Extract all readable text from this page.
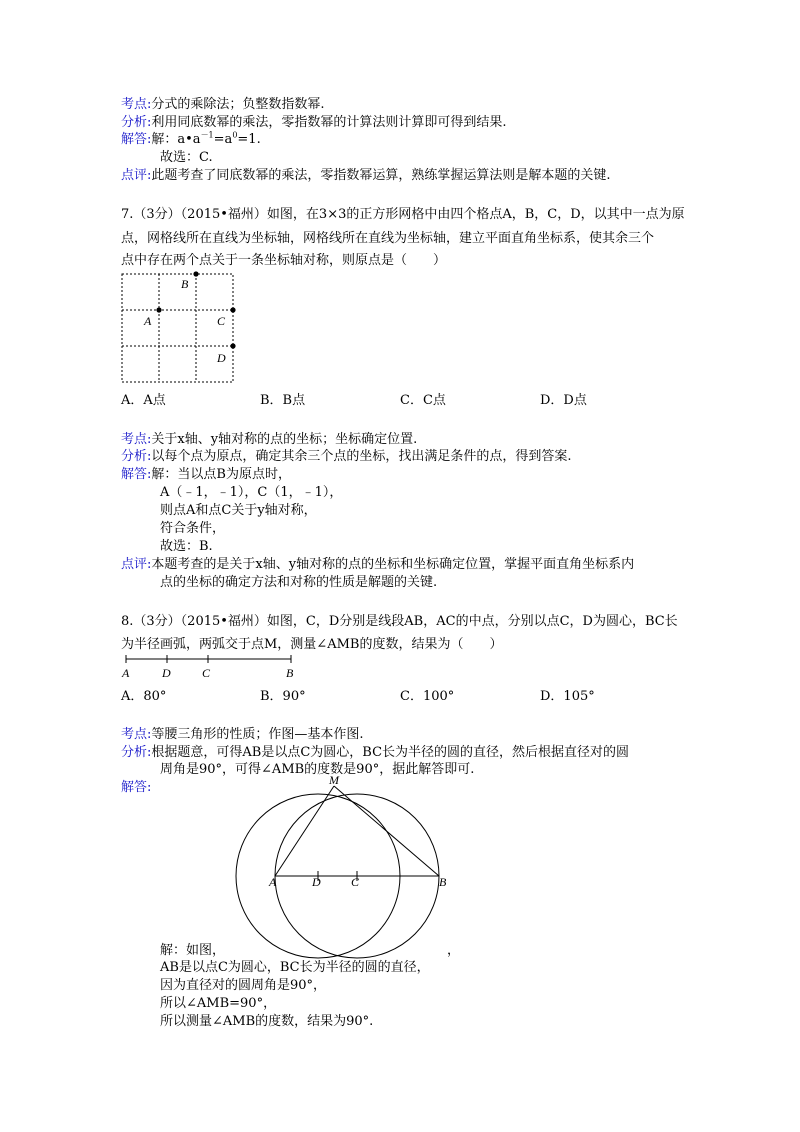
考点:分式的乘除法；负整数指数幂.
分析:利用同底数幂的乘法，零指数幂的计算法则计算即可得到结果.
解答:解：$a•a^{-1}=a^0=1$.
故选：C.
点评:此题考查了同底数幂的乘法，零指数幂运算，熟练掌握运算法则是解本题的关键.
7.（3分）（2015•福州）如图，在3×3的正方形网格中由四个格点A，B，C，D，以其中一点为原
点，网格线所在直线为坐标轴，网格线所在直线为坐标轴，建立平面直角坐标系，使其余三个
点中存在两个点关于一条坐标轴对称，则原点是（　　）
B
A	C
D
A．A点	B．B点	C．C点	D．D点
考点:关于x轴、y轴对称的点的坐标；坐标确定位置.
分析:以每个点为原点，确定其余三个点的坐标，找出满足条件的点，得到答案.
解答:解：当以点B为原点时，
A（﹣1，﹣1），C（1，﹣1），
则点A和点C关于y轴对称，
符合条件，
故选：B.
点评:本题考查的是关于x轴、y轴对称的点的坐标和坐标确定位置，掌握平面直角坐标系内
点的坐标的确定方法和对称的性质是解题的关键.
8.（3分）（2015•福州）如图，C，D分别是线段AB，AC的中点，分别以点C，D为圆心，BC长
为半径画弧，两弧交于点M，测量∠AMB的度数，结果为（　　）
A	D	C	B
A．80°	B．90°	C．100°	D．105°
考点:等腰三角形的性质；作图—基本作图.
分析:根据题意，可得AB是以点C为圆心，BC长为半径的圆的直径，然后根据直径对的圆
周角是90°，可得∠AMB的度数是90°，据此解答即可.
解答:	M
A	D	C	B
解：如图，	，
AB是以点C为圆心，BC长为半径的圆的直径，
因为直径对的圆周角是90°，
所以∠AMB=90°，
所以测量∠AMB的度数，结果为90°.
